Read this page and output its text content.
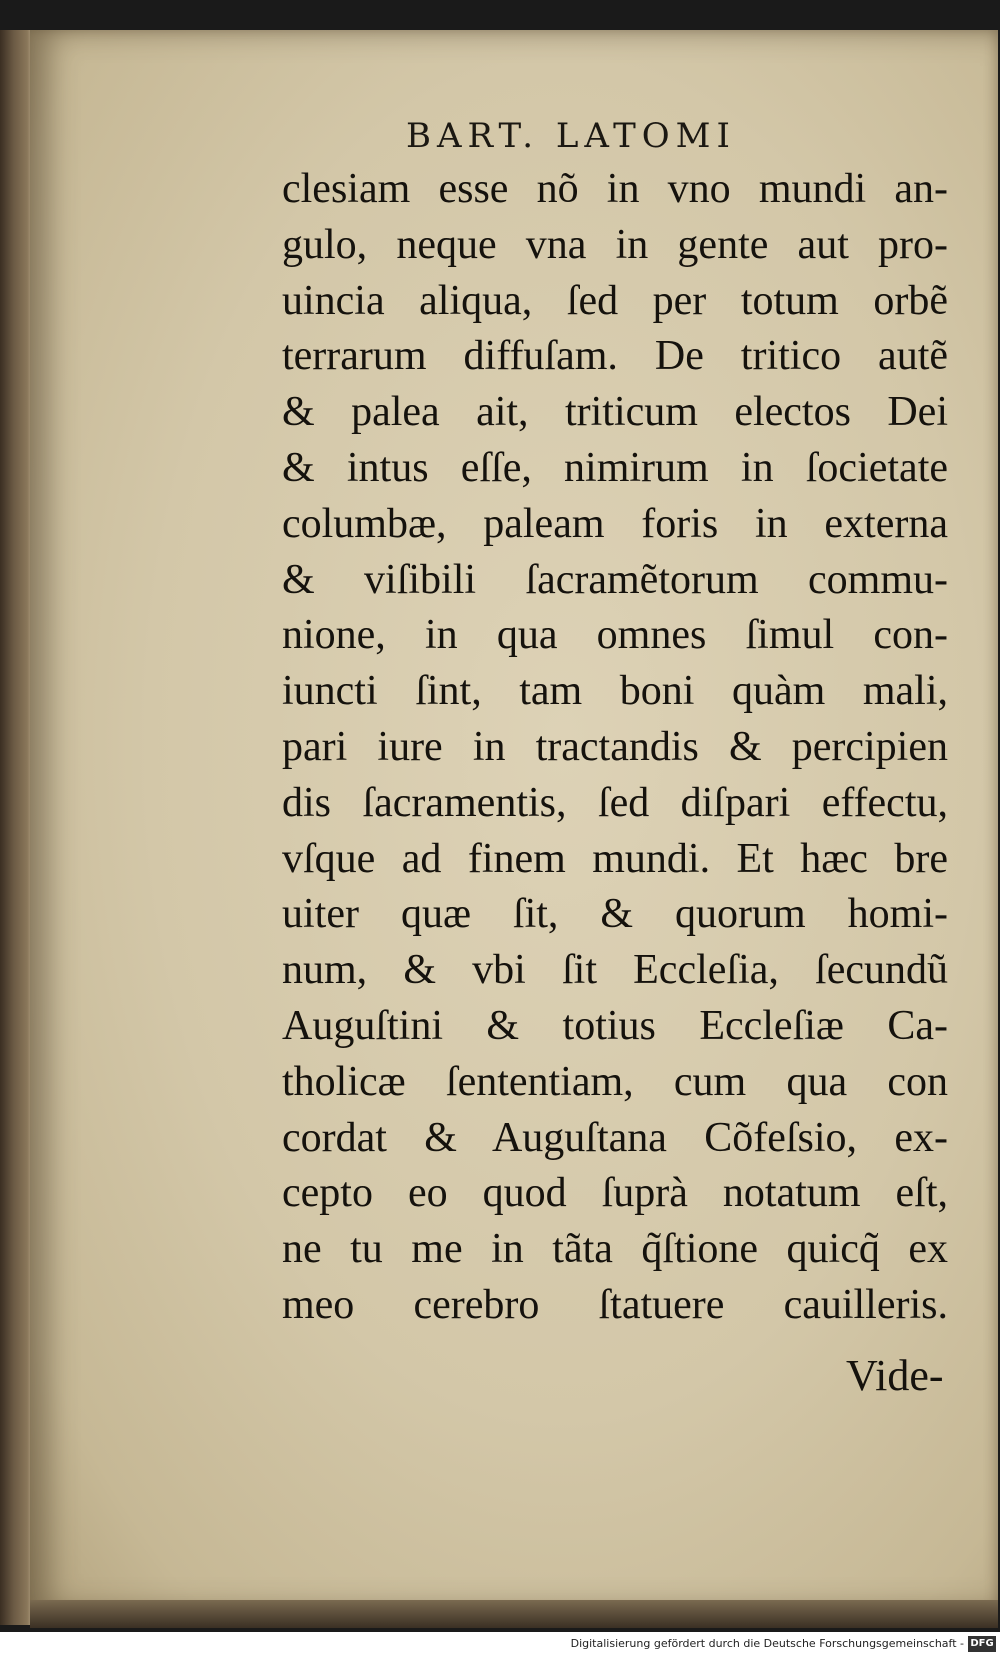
BART. LATOMI
clesiam esse nõ in vno mundi an-
gulo, neque vna in gente aut pro-
uincia aliqua, ſed per totum orbẽ
terrarum diffuſam. De tritico autẽ
& palea ait, triticum electos Dei
& intus eſſe, nimirum in ſocietate
columbæ, paleam foris in externa
& viſibili ſacramẽtorum commu-
nione, in qua omnes ſimul con-
iuncti ſint, tam boni quàm mali,
pari iure in tractandis & percipien
dis ſacramentis, ſed diſpari effectu,
vſque ad finem mundi. Et hæc bre
uiter quæ ſit, & quorum homi-
num, & vbi ſit Eccleſia, ſecundũ
Auguſtini & totius Eccleſiæ Ca-
tholicæ ſententiam, cum qua con
cordat & Auguſtana Cõfeſsio, ex-
cepto eo quod ſuprà notatum eſt,
ne tu me in tãta q̃ſtione quicq̃ ex
meo cerebro ſtatuere cauilleris.
Vide-
Digitalisierung gefördert durch die Deutsche Forschungsgemeinschaft - DFG
